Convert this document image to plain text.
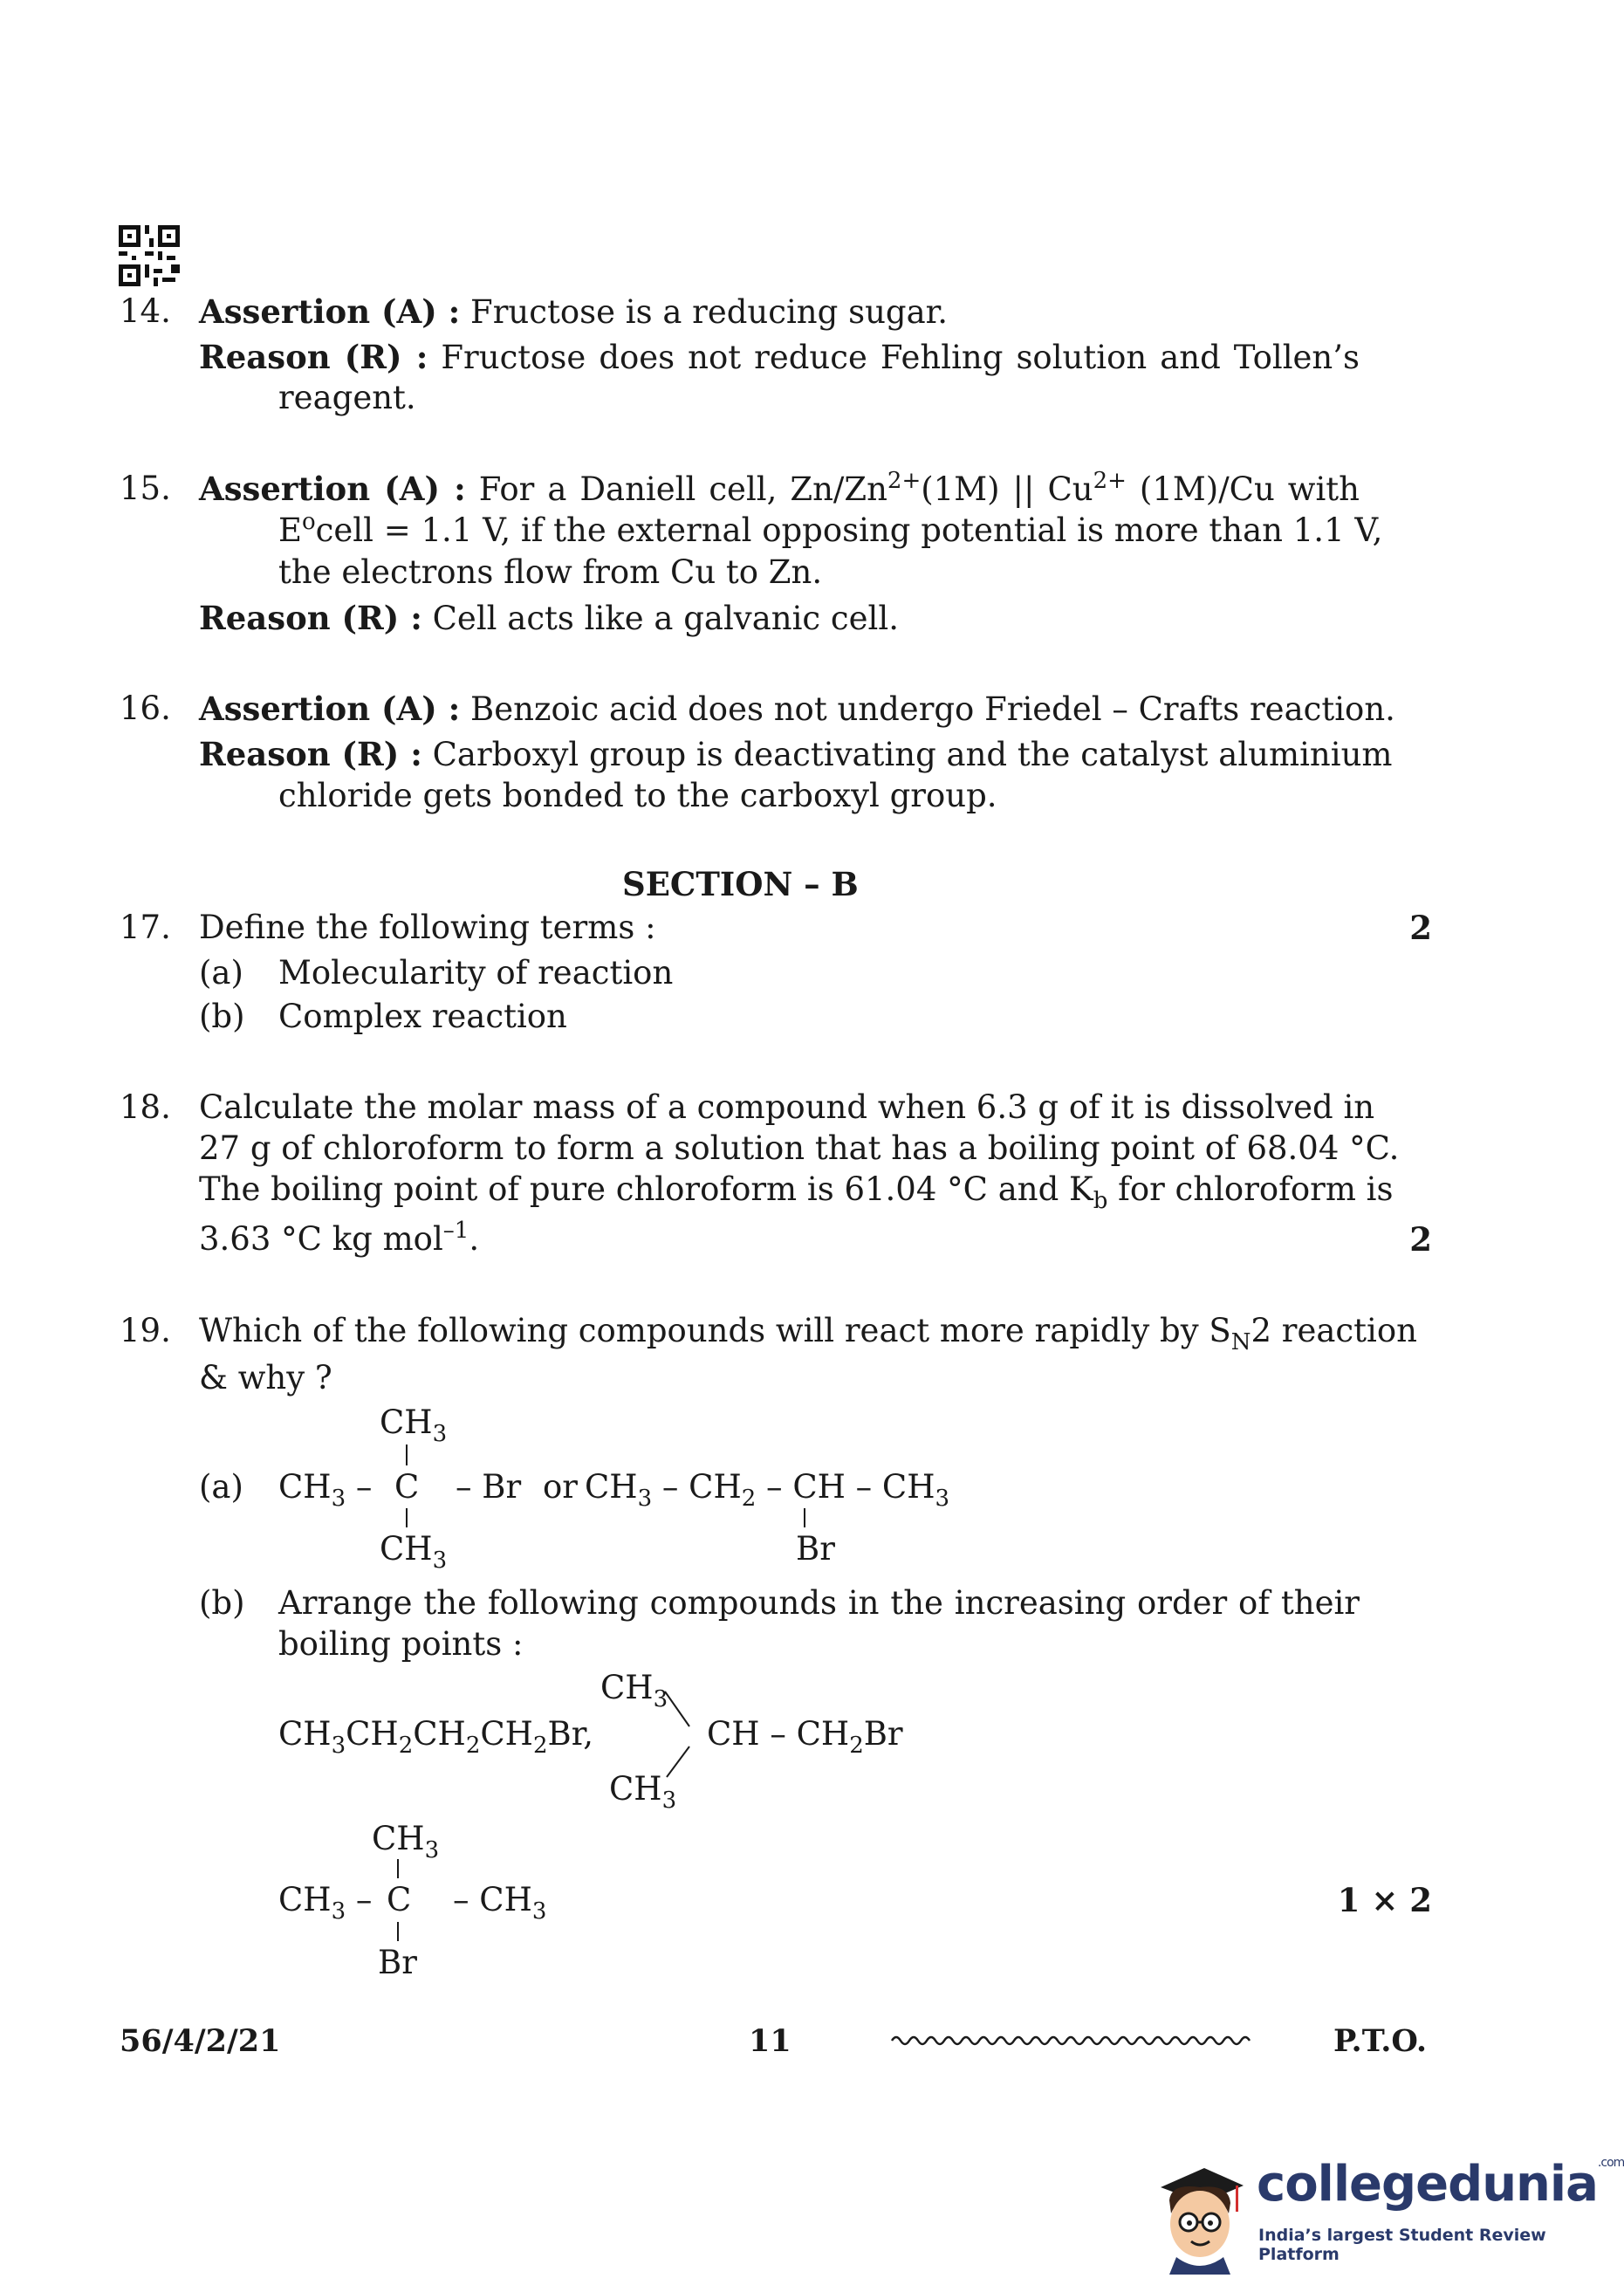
14. Assertion (A) : Fructose is a reducing sugar.
Reason (R) : Fructose does not reduce Fehling solution and Tollen’s
reagent.
15. Assertion (A) : For a Daniell cell, $Zn/Zn^{2+}(1M)$ || $Cu^{2+}$ (1M)/Cu with
$E^ocell = 1.1$ V, if the external opposing potential is more than 1.1 V,
the electrons flow from Cu to Zn.
Reason (R) : Cell acts like a galvanic cell.
16. Assertion (A) : Benzoic acid does not undergo Friedel – Crafts reaction.
Reason (R) : Carboxyl group is deactivating and the catalyst aluminium
chloride gets bonded to the carboxyl group.
SECTION – B
17. Define the following terms :	2
(a) Molecularity of reaction
(b) Complex reaction
18. Calculate the molar mass of a compound when 6.3 g of it is dissolved in
27 g of chloroform to form a solution that has a boiling point of 68.04 °C.
The boiling point of pure chloroform is 61.04 °C and $K_b$ for chloroform is
3.63 °C kg mol$^{-1}$.	2
19. Which of the following compounds will react more rapidly by $S_N2$ reaction
& why ?
$CH_3$
(a) $CH_3$ – C – Br or $CH_3 - CH_2$ – CH – $CH_3$
$CH_3$	Br
(b) Arrange the following compounds in the increasing order of their
boiling points :
$CH_3$
$CH_3CH_2CH_2CH_2Br$,	CH – $CH_2Br$
$CH_3$
$CH_3$
$CH_3$ – C – $CH_3$	1 × 2
Br
56/4/2/21	11	P.T.O.
collegedunia$^{.com}$
India’s largest Student Review Platform
